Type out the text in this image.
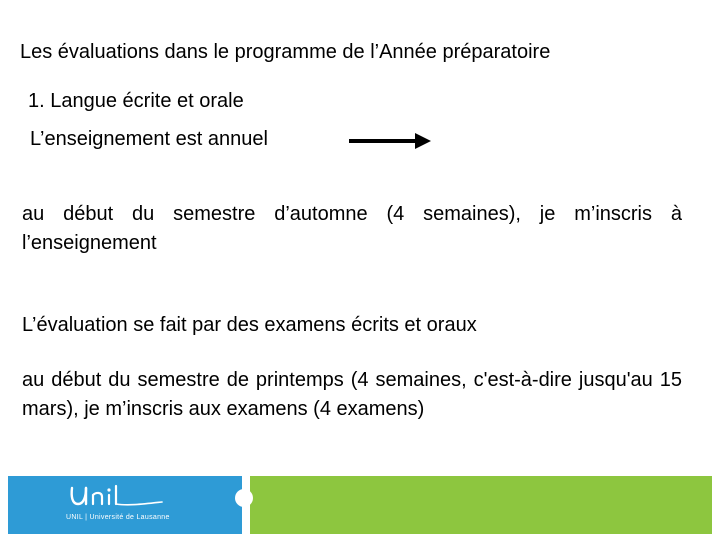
Les évaluations dans le programme de l’Année préparatoire
1. Langue écrite et orale
L’enseignement est annuel
au début du semestre d’automne (4 semaines), je m’inscris à l’enseignement
L’évaluation se fait par des examens écrits et oraux
au début du semestre de printemps (4 semaines, c'est-à-dire jusqu'au 15 mars), je m’inscris aux examens (4 examens)
UNIL | Université de Lausanne
